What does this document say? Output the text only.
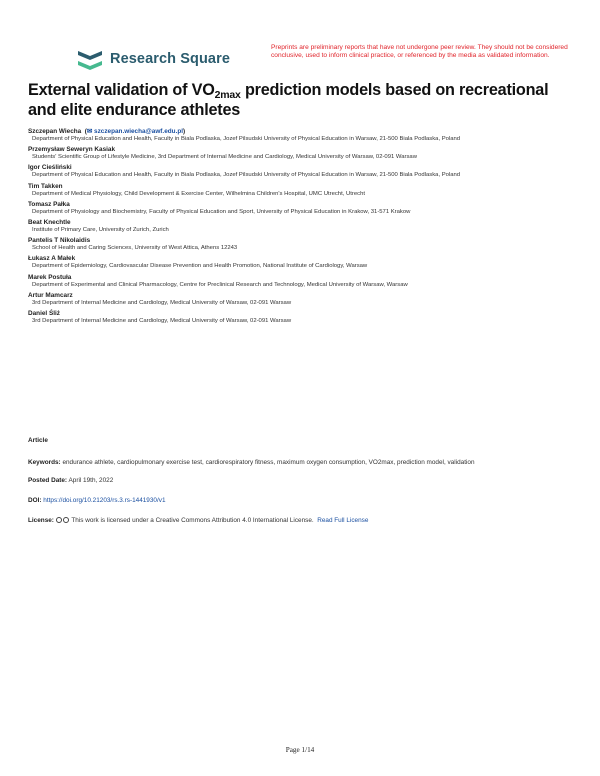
Research Square
Preprints are preliminary reports that have not undergone peer review. They should not be considered conclusive, used to inform clinical practice, or referenced by the media as validated information.
External validation of $VO_{2max}$ prediction models based on recreational and elite endurance athletes
Szczepan Wiecha  (✉ szczepan.wiecha@awf.edu.pl)
Department of Physical Education and Health, Faculty in Biala Podlaska, Jozef Pilsudski University of Physical Education in Warsaw, 21-500 Biala Podlaska, Poland
Przemysław Seweryn Kasiak
Students' Scientific Group of Lifestyle Medicine, 3rd Department of Internal Medicine and Cardiology, Medical University of Warsaw, 02-091 Warsaw
Igor Cieśliński
Department of Physical Education and Health, Faculty in Biala Podlaska, Jozef Pilsudski University of Physical Education in Warsaw, 21-500 Biala Podlaska, Poland
Tim Takken
Department of Medical Physiology, Child Development & Exercise Center, Wilhelmina Children's Hospital, UMC Utrecht, Utrecht
Tomasz Pałka
Department of Physiology and Biochemistry, Faculty of Physical Education and Sport, University of Physical Education in Krakow, 31-571 Krakow
Beat Knechtle
Institute of Primary Care, University of Zurich, Zurich
Pantelis T Nikolaidis
School of Health and Caring Sciences, University of West Attica, Athens 12243
Łukasz A Małek
Department of Epidemiology, Cardiovascular Disease Prevention and Health Promotion, National Institute of Cardiology, Warsaw
Marek Postuła
Department of Experimental and Clinical Pharmacology, Centre for Preclinical Research and Technology, Medical University of Warsaw, Warsaw
Artur Mamcarz
3rd Department of Internal Medicine and Cardiology, Medical University of Warsaw, 02-091 Warsaw
Daniel Śliż
3rd Department of Internal Medicine and Cardiology, Medical University of Warsaw, 02-091 Warsaw
Article
Keywords: endurance athlete, cardiopulmonary exercise test, cardiorespiratory fitness, maximum oxygen consumption, VO2max, prediction model, validation
Posted Date: April 19th, 2022
DOI: https://doi.org/10.21203/rs.3.rs-1441930/v1
License:	This work is licensed under a Creative Commons Attribution 4.0 International License. Read Full License
Page 1/14
